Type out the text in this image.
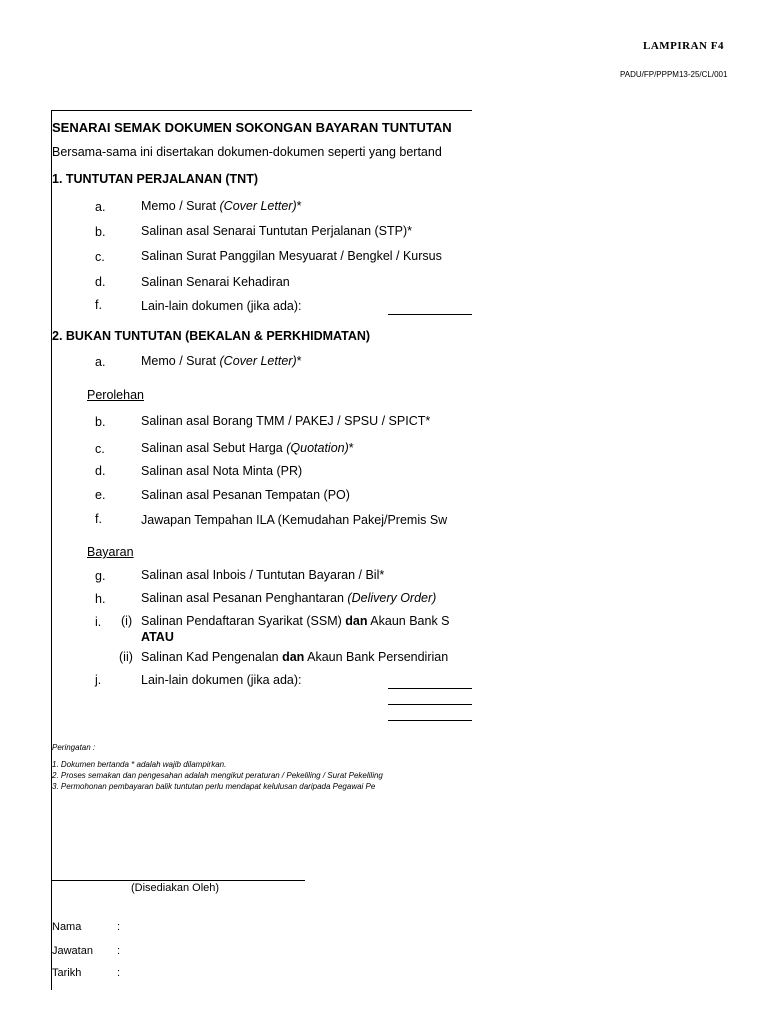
LAMPIRAN F4
PADU/FP/PPPM13-25/CL/001
SENARAI SEMAK DOKUMEN SOKONGAN BAYARAN TUNTUTAN
Bersama-sama ini disertakan dokumen-dokumen seperti yang bertand
1. TUNTUTAN PERJALANAN (TNT)
a.	Memo / Surat (Cover Letter)*
b.	Salinan asal Senarai Tuntutan Perjalanan (STP)*
c.	Salinan Surat Panggilan Mesyuarat / Bengkel / Kursus
d.	Salinan Senarai Kehadiran
f.	Lain-lain dokumen (jika ada):
2. BUKAN TUNTUTAN (BEKALAN & PERKHIDMATAN)
a.	Memo / Surat (Cover Letter)*
Perolehan
b.	Salinan asal Borang TMM / PAKEJ / SPSU / SPICT*
c.	Salinan asal Sebut Harga (Quotation)*
d.	Salinan asal Nota Minta (PR)
e.	Salinan asal Pesanan Tempatan (PO)
f.	Jawapan Tempahan ILA (Kemudahan Pakej/Premis Sw
Bayaran
g.	Salinan asal Inbois / Tuntutan Bayaran / Bil*
h.	Salinan asal Pesanan Penghantaran (Delivery Order)
i. (i) Salinan Pendaftaran Syarikat (SSM) dan Akaun Bank S
ATAU
(ii) Salinan Kad Pengenalan dan Akaun Bank Persendirian
j.	Lain-lain dokumen (jika ada):
Peringatan :
1. Dokumen bertanda * adalah wajib dilampirkan.
2. Proses semakan dan pengesahan adalah mengikut peraturan / Pekeliling / Surat Pekeliling
3. Permohonan pembayaran balik tuntutan perlu mendapat kelulusan daripada Pegawai Pe
(Disediakan Oleh)
Nama	:
Jawatan :
Tarikh	:
